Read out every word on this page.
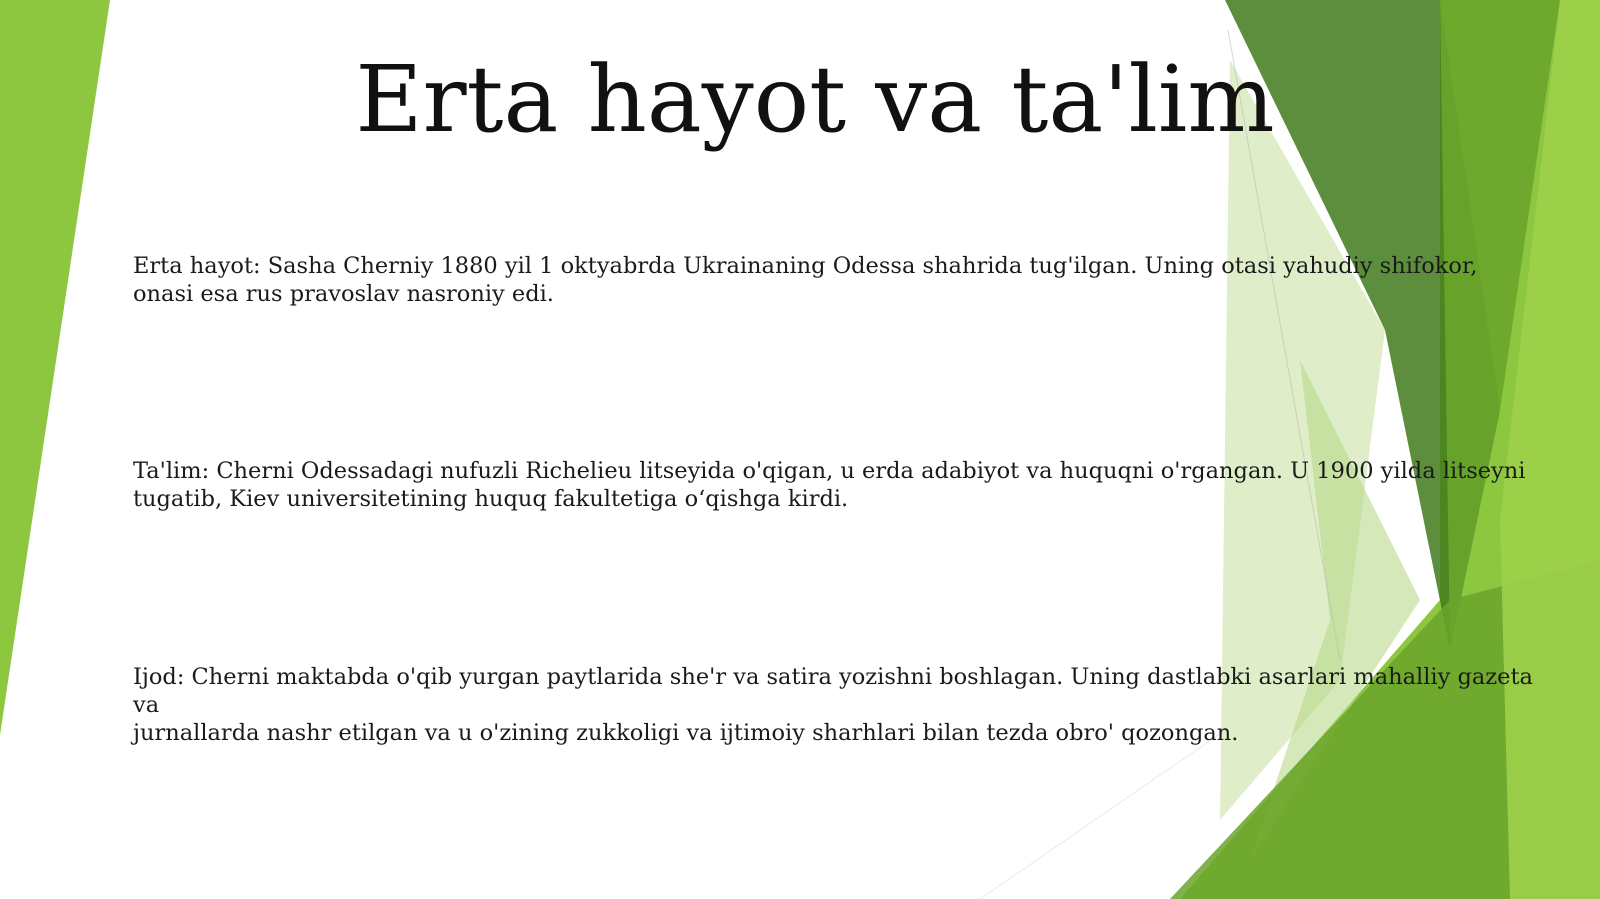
Erta hayot va ta'lim

Erta hayot: Sasha Cherniy 1880 yil 1 oktyabrda Ukrainaning Odessa shahrida tug'ilgan. Uning otasi yahudiy shifokor,
onasi esa rus pravoslav nasroniy edi.

Ta'lim: Cherni Odessadagi nufuzli Richelieu litseyida o'qigan, u erda adabiyot va huquqni o'rgangan. U 1900 yilda litseyni
tugatib, Kiev universitetining huquq fakultetiga o‘qishga kirdi.

Ijod: Cherni maktabda o'qib yurgan paytlarida she'r va satira yozishni boshlagan. Uning dastlabki asarlari mahalliy gazeta va
jurnallarda nashr etilgan va u o'zining zukkoligi va ijtimoiy sharhlari bilan tezda obro' qozongan.
